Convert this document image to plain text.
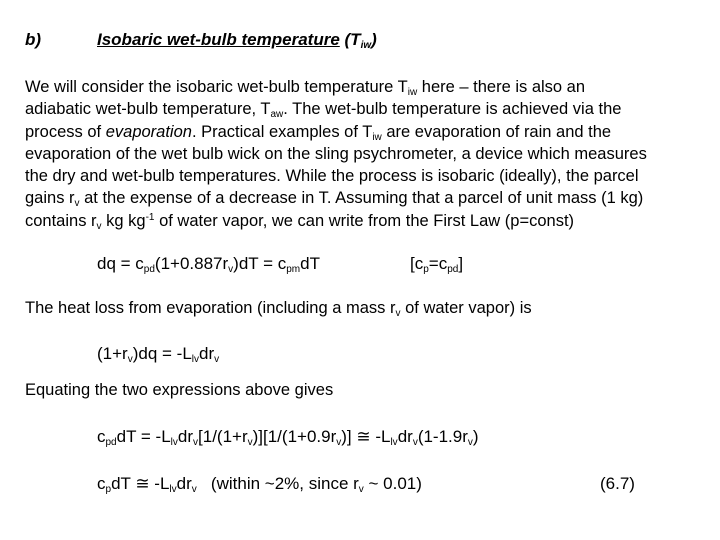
b)	Isobaric wet-bulb temperature $(T_{iw})$
We will consider the isobaric wet-bulb temperature $T_{iw}$ here – there is also an
adiabatic wet-bulb temperature, $T_{aw}$. The wet-bulb temperature is achieved via the
process of evaporation. Practical examples of $T_{iw}$ are evaporation of rain and the
evaporation of the wet bulb wick on the sling psychrometer, a device which measures
the dry and wet-bulb temperatures. While the process is isobaric (ideally), the parcel
gains $r_v$ at the expense of a decrease in T. Assuming that a parcel of unit mass (1 kg)
contains $r_v$ kg $kg^{-1}$ of water vapor, we can write from the First Law (p=const)
dq = $c_{pd}(1+0.887r_v)dT = c_{pm}dT$	$[c_p=c_{pd}]$
The heat loss from evaporation (including a mass $r_v$ of water vapor) is
$(1+r_v)dq = -L_{lv}dr_v$
Equating the two expressions above gives
$c_{pd}dT = -L_{lv}dr_v[1/(1+r_v)][1/(1+0.9r_v)]$ ≅ $-L_{lv}dr_v(1-1.9r_v)$
$c_pdT$ ≅ $-L_{lv}dr_v$   (within ~2%, since $r_v$ ~ 0.01)	(6.7)
